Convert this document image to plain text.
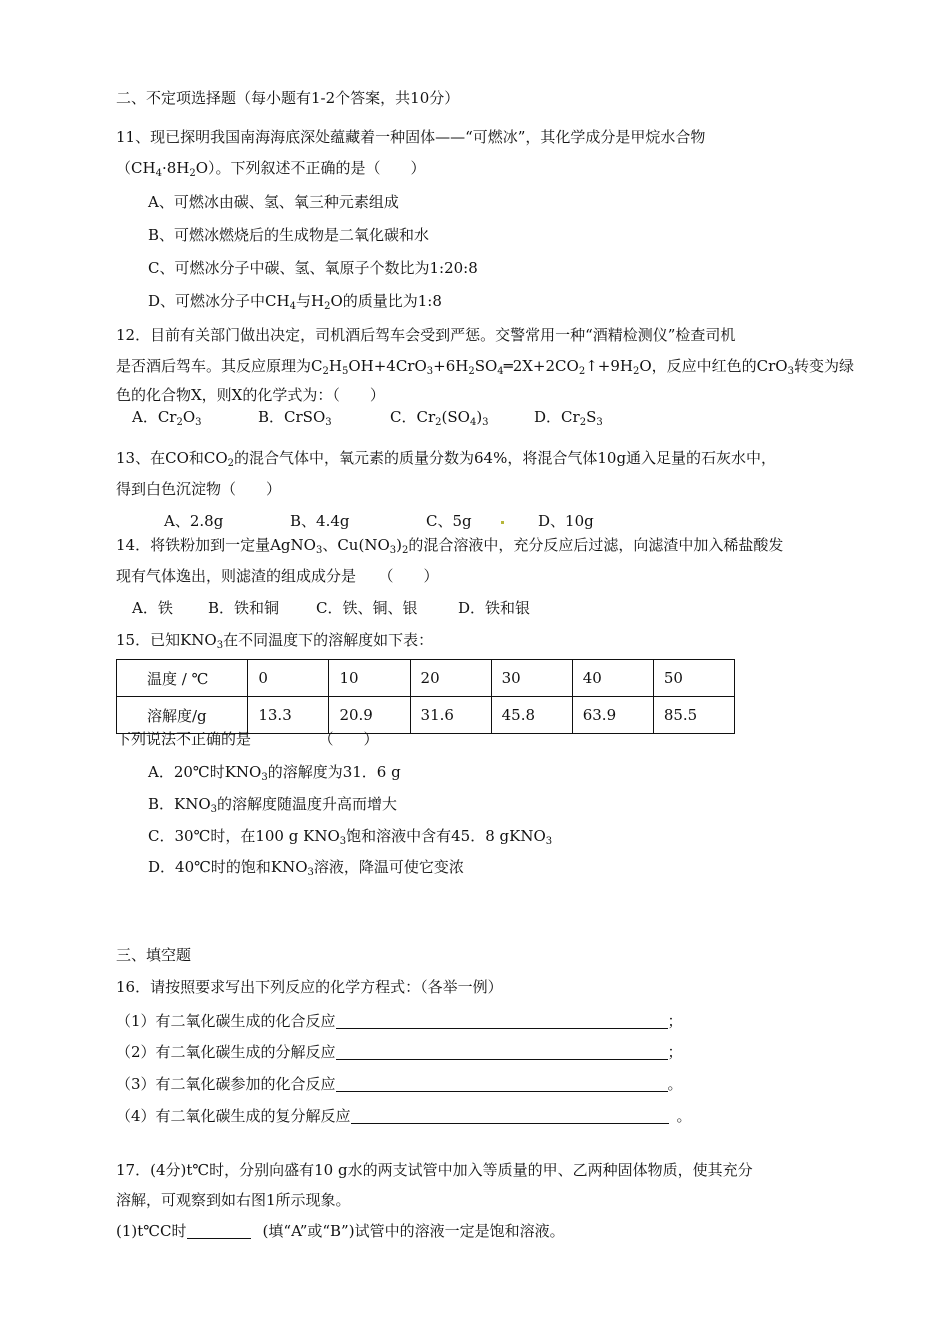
二、不定项选择题（每小题有1-2个答案，共10分）
11、现已探明我国南海海底深处蕴藏着一种固体——“可燃冰”，其化学成分是甲烷水合物
$(CH_4\cdot 8H_2O)$。下列叙述不正确的是（　　）
A、可燃冰由碳、氢、氧三种元素组成
B、可燃冰燃烧后的生成物是二氧化碳和水
C、可燃冰分子中碳、氢、氧原子个数比为1:20:8
D、可燃冰分子中$CH_4$与$H_2O$的质量比为1:8
12．目前有关部门做出决定，司机酒后驾车会受到严惩。交警常用一种“酒精检测仪”检查司机
是否酒后驾车。其反应原理为$C_2H_5OH+4CrO_3+6H_2SO_4═2X+2CO_2↑+9H_2O$，反应中红色的CrO$_3$转变为绿
色的化合物X，则X的化学式为：（　　）
A．$Cr_2O_3$	B．CrSO$_3$	C．$Cr_2(SO_4)_3$	D．$Cr_2S_3$
13、在CO和$CO_2$的混合气体中，氧元素的质量分数为64%，将混合气体10g通入足量的石灰水中，
得到白色沉淀物（　　）
A、2.8g	B、4.4g	C、5g	D、10g
14．将铁粉加到一定量AgNO$_3$、$Cu(NO_3)_2$的混合溶液中，充分反应后过滤，向滤渣中加入稀盐酸发
现有气体逸出，则滤渣的组成成分是　　（　　）
A．铁 B．铁和铜 C．铁、铜、银	D．铁和银
15．已知$KNO_3$在不同温度下的溶解度如下表：
温度 / ℃	0	10	20	30	40	50
溶解度/g	13.3	20.9	31.6	45.8	63.9	85.5
下列说法不正确的是　　　　　（　　）
A．20℃时$KNO_3$的溶解度为31．6 g
B．$KNO_3$的溶解度随温度升高而增大
C．30℃时，在100 g $KNO_3$饱和溶液中含有45．8 gKNO$_3$
D．40℃时的饱和$KNO_3$溶液，降温可使它变浓
三、填空题
16．请按照要求写出下列反应的化学方程式：（各举一例）
（1）有二氧化碳生成的化合反应	；
（2）有二氧化碳生成的分解反应	；
（3）有二氧化碳参加的化合反应	。
（4）有二氧化碳生成的复分解反应	。
17．(4分)t℃时，分别向盛有10 g水的两支试管中加入等质量的甲、乙两种固体物质，使其充分
溶解，可观察到如右图1所示现象。
(1)t℃C时	(填“A”或“B”)试管中的溶液一定是饱和溶液。
